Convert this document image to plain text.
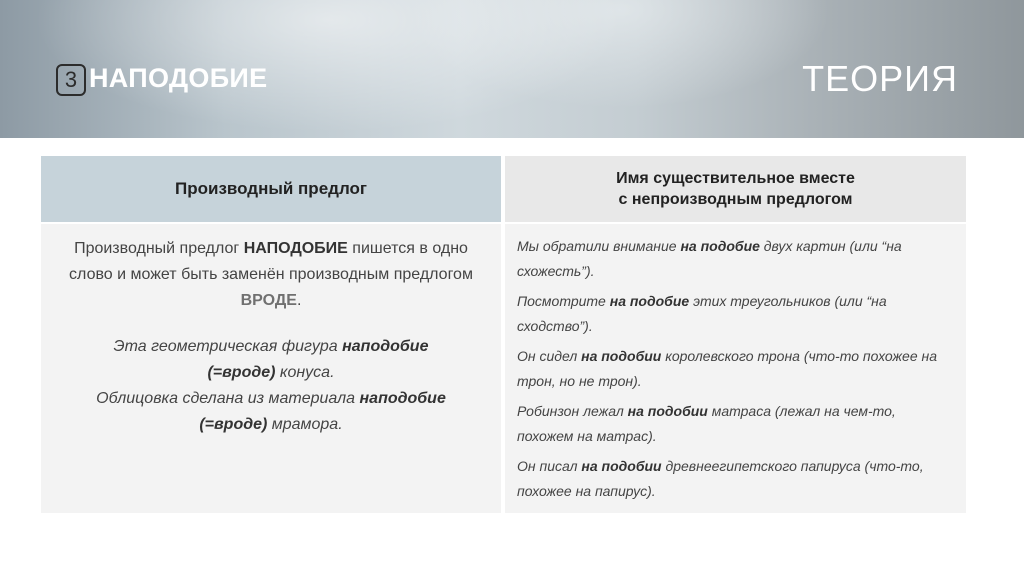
3 НАПОДОБИЕ	ТЕОРИЯ
Производный предлог
Имя существительное вместе
с непроизводным предлогом
Производный предлог НАПОДОБИЕ пишется в одно слово и может быть заменён производным предлогом ВРОДЕ.
Эта геометрическая фигура наподобие
(=вроде) конуса.
Облицовка сделана из материала наподобие
(=вроде) мрамора.
Мы обратили внимание на подобие двух картин (или “на схожесть”).
Посмотрите на подобие этих треугольников (или “на сходство”).
Он сидел на подобии королевского трона (что-то похожее на трон, но не трон).
Робинзон лежал на подобии матраса (лежал на чем-то, похожем на матрас).
Он писал на подобии древнеегипетского папируса (что-то, похожее на папирус).
